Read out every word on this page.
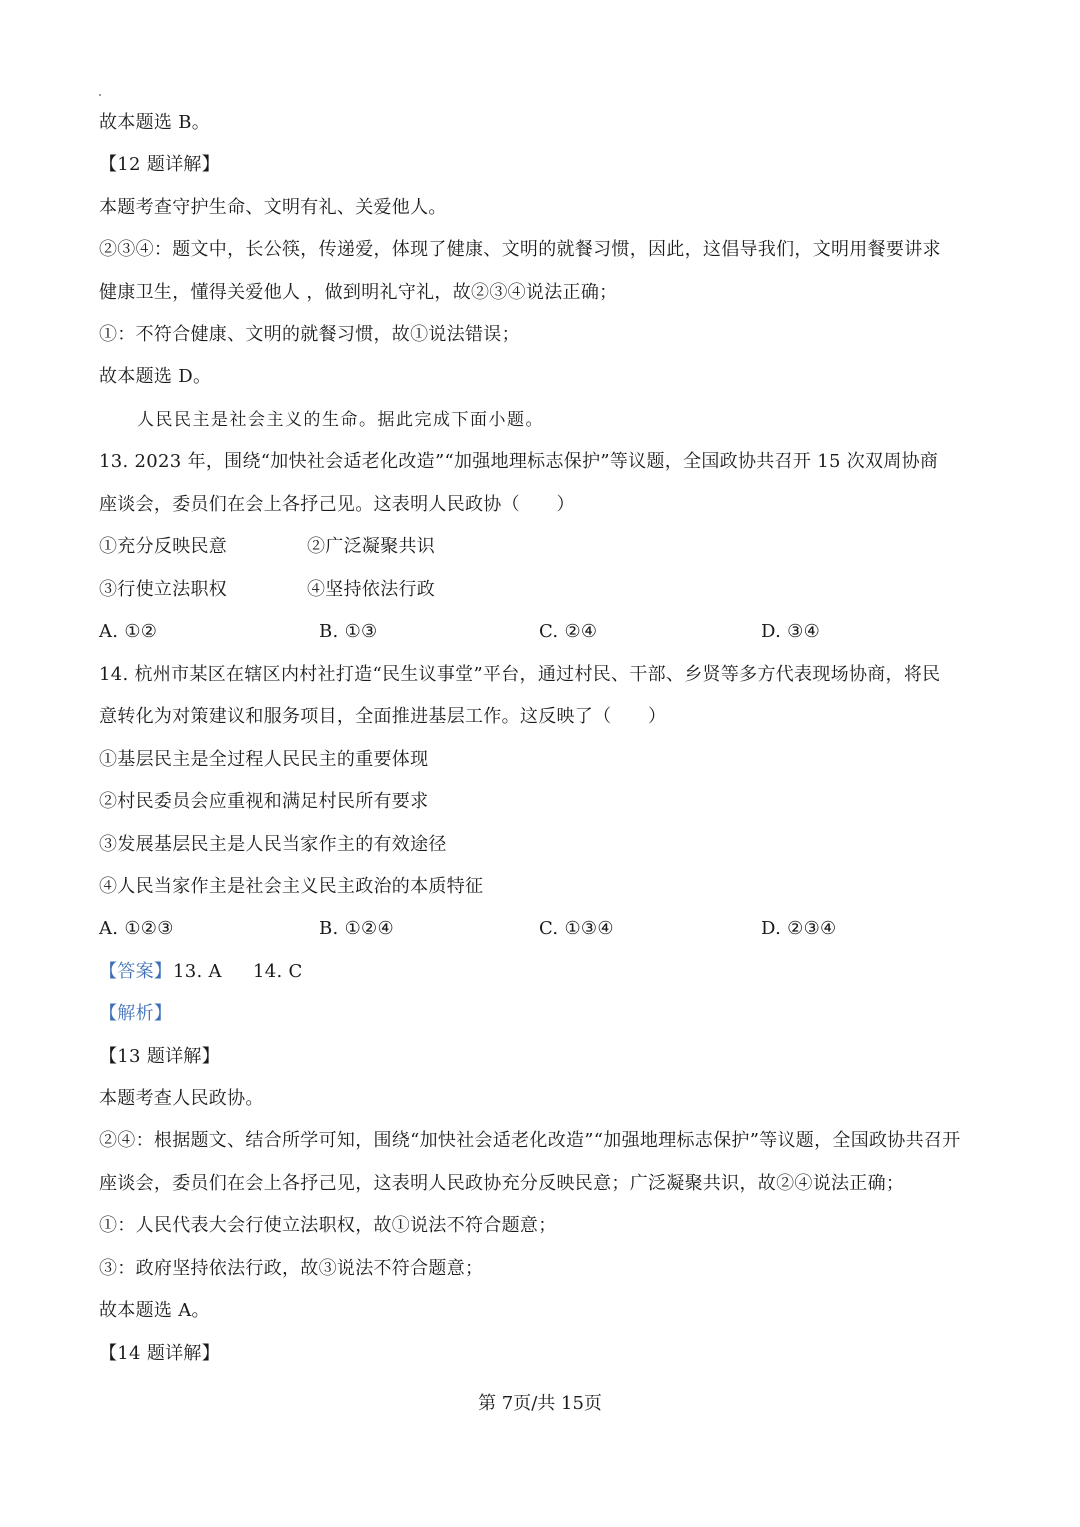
故本题选 B。
【12 题详解】
本题考查守护生命、文明有礼、关爱他人。
②③④：题文中，长公筷，传递爱，体现了健康、文明的就餐习惯，因此，这倡导我们，文明用餐要讲求
健康卫生，懂得关爱他人 ，做到明礼守礼，故②③④说法正确；
①：不符合健康、文明的就餐习惯，故①说法错误；
故本题选 D。
人民民主是社会主义的生命。据此完成下面小题。
13. 2023 年，围绕“加快社会适老化改造”“加强地理标志保护”等议题，全国政协共召开 15 次双周协商
座谈会，委员们在会上各抒己见。这表明人民政协（　　）
①充分反映民意	②广泛凝聚共识
③行使立法职权	④坚持依法行政
A. ①②	B. ①③	C. ②④	D. ③④
14. 杭州市某区在辖区内村社打造“民生议事堂”平台，通过村民、干部、乡贤等多方代表现场协商，将民
意转化为对策建议和服务项目，全面推进基层工作。这反映了（　　）
①基层民主是全过程人民民主的重要体现
②村民委员会应重视和满足村民所有要求
③发展基层民主是人民当家作主的有效途径
④人民当家作主是社会主义民主政治的本质特征
A. ①②③	B. ①②④	C. ①③④	D. ②③④
【答案】 13. A 14. C
【解析】
【13 题详解】
本题考查人民政协。
②④：根据题文、结合所学可知，围绕“加快社会适老化改造”“加强地理标志保护”等议题，全国政协共召开
座谈会，委员们在会上各抒己见，这表明人民政协充分反映民意；广泛凝聚共识，故②④说法正确；
①：人民代表大会行使立法职权，故①说法不符合题意；
③：政府坚持依法行政，故③说法不符合题意；
故本题选 A。
【14 题详解】
第 7页/共 15页
